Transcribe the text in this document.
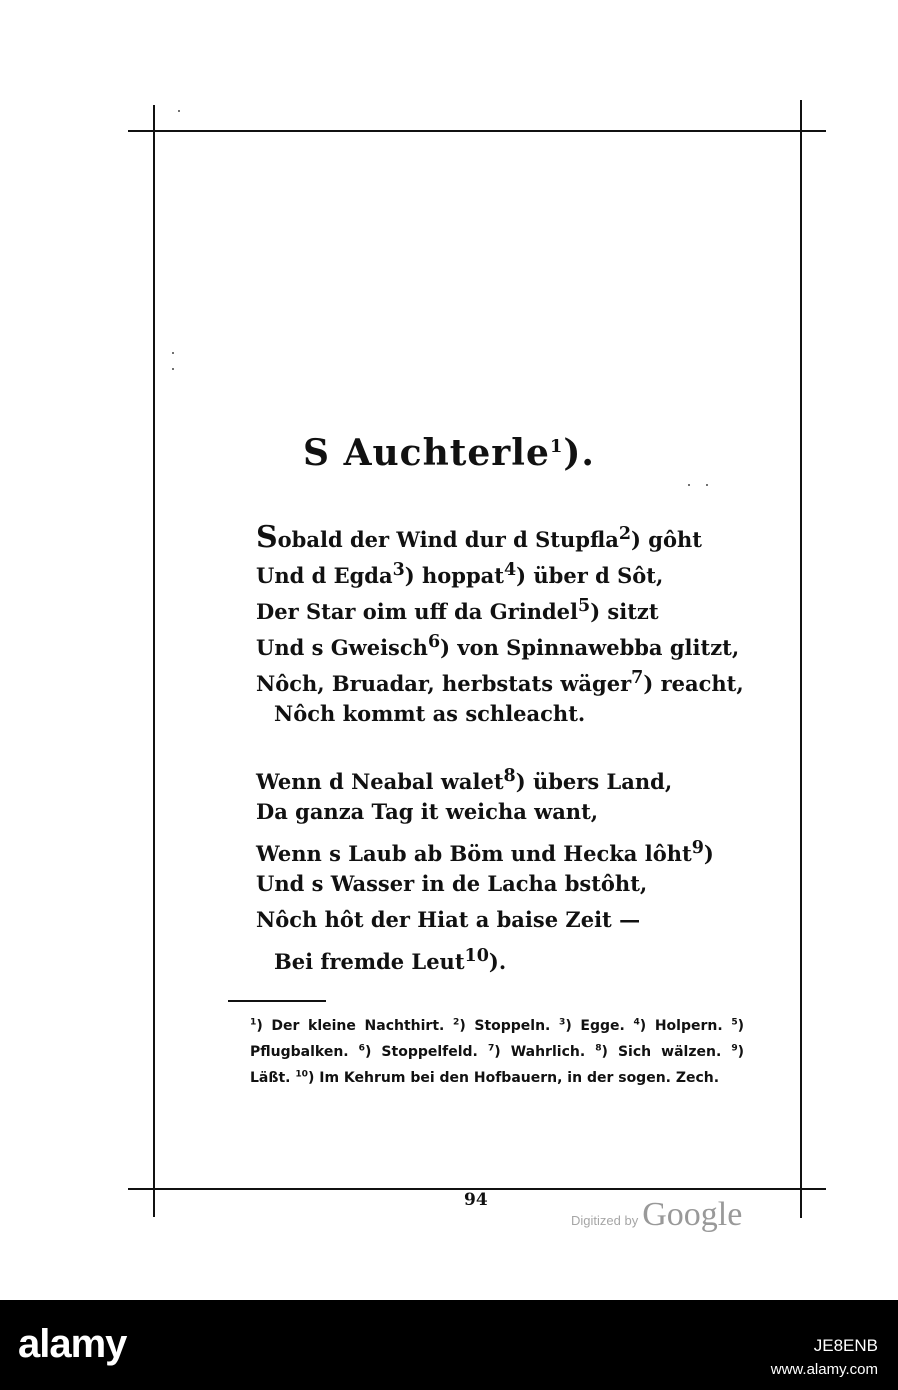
S Auchterle$^1$).
Sobald der Wind dur d Stupfla$^2$) gôht
Und d Egda$^3$) hoppat$^4$) über d Sôt,
Der Star oim uff da Grindel$^5$) sitzt
Und s Gweisch$^6$) von Spinnawebba glitzt,
Nôch, Bruadar, herbstats wäger$^7$) reacht,
Nôch kommt as schleacht.
Wenn d Neabal walet$^8$) übers Land,
Da ganza Tag it weicha want,
Wenn s Laub ab Böm und Hecka lôht$^9$)
Und s Wasser in de Lacha bstôht,
Nôch hôt der Hiat a baise Zeit —
Bei fremde Leut$^{10}$).
$^1$) Der kleine Nachthirt. $^2$) Stoppeln. $^3$) Egge. $^4$) Holpern. $^5$) Pflugbalken. $^6$) Stoppelfeld. $^7$) Wahrlich. $^8$) Sich wälzen. $^9$) Läßt. $^{10}$) Im Kehrum bei den Hofbauern, in der sogen. Zech.
94
Digitized by Google
alamy	JE8ENB
www.alamy.com
